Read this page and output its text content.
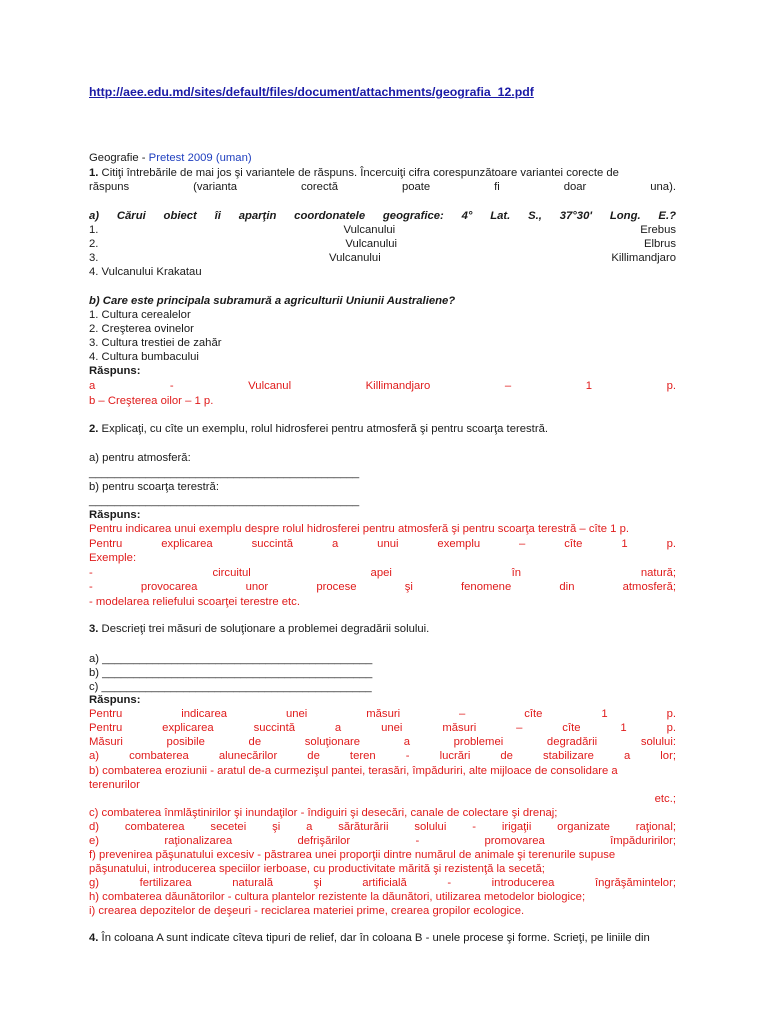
http://aee.edu.md/sites/default/files/document/attachments/geografia_12.pdf
Geografie - Pretest 2009 (uman)
1. Citiţi întrebările de mai jos şi variantele de răspuns. Încercuiţi cifra corespunzătoare variantei corecte de
răspuns (varianta corectă poate fi doar una).
a) Cărui obiect îi aparţin coordonatele geografice: 4° Lat. S., 37°30' Long. E.?
1. Vulcanului Erebus
2. Vulcanului Elbrus
3. Vulcanului Killimandjaro
4. Vulcanului Krakatau
b) Care este principala subramură a agriculturii Uniunii Australiene?
1. Cultura cerealelor
2. Creşterea ovinelor
3. Cultura trestiei de zahăr
4. Cultura bumbacului
Răspuns:
a - Vulcanul Killimandjaro – 1 p.
b – Creşterea oilor – 1 p.
2. Explicaţi, cu cîte un exemplu, rolul hidrosferei pentru atmosferă şi pentru scoarţa terestră.
a) pentru atmosferă:
___________________________________________
b) pentru scoarţa terestră:
___________________________________________
Răspuns:
Pentru indicarea unui exemplu despre rolul hidrosferei pentru atmosferă şi pentru scoarţa terestră – cîte 1 p.
Pentru explicarea succintă a unui exemplu – cîte 1 p.
Exemple:
- circuitul apei în natură;
- provocarea unor procese şi fenomene din atmosferă;
- modelarea reliefului scoarţei terestre etc.
3. Descrieţi trei măsuri de soluţionare a problemei degradării solului.
a) ___________________________________________
b) ___________________________________________
c) ___________________________________________
Răspuns:
Pentru indicarea unei măsuri – cîte 1 p.
Pentru explicarea succintă a unei măsuri – cîte 1 p.
Măsuri posibile de soluţionare a problemei degradării solului:
a) combaterea alunecărilor de teren - lucrări de stabilizare a lor;
b) combaterea eroziunii - aratul de-a curmezişul pantei, terasări, împăduriri, alte mijloace de consolidare a
terenurilor
etc.;
c) combaterea înmlăştinirilor şi inundaţilor - îndiguiri şi desecări, canale de colectare şi drenaj;
d) combaterea secetei şi a sărăturării solului - irigaţii organizate raţional;
e) raţionalizarea defrişărilor - promovarea împăduririlor;
f) prevenirea păşunatului excesiv - păstrarea unei proporţii dintre numărul de animale şi terenurile supuse
păşunatului, introducerea speciilor ierboase, cu productivitate mărită şi rezistenţă la secetă;
g) fertilizarea naturală şi artificială - introducerea îngrăşămintelor;
h) combaterea dăunătorilor - cultura plantelor rezistente la dăunători, utilizarea metodelor biologice;
i) crearea depozitelor de deşeuri - reciclarea materiei prime, crearea gropilor ecologice.
4. În coloana A sunt indicate cîteva tipuri de relief, dar în coloana B - unele procese şi forme. Scrieţi, pe liniile din
